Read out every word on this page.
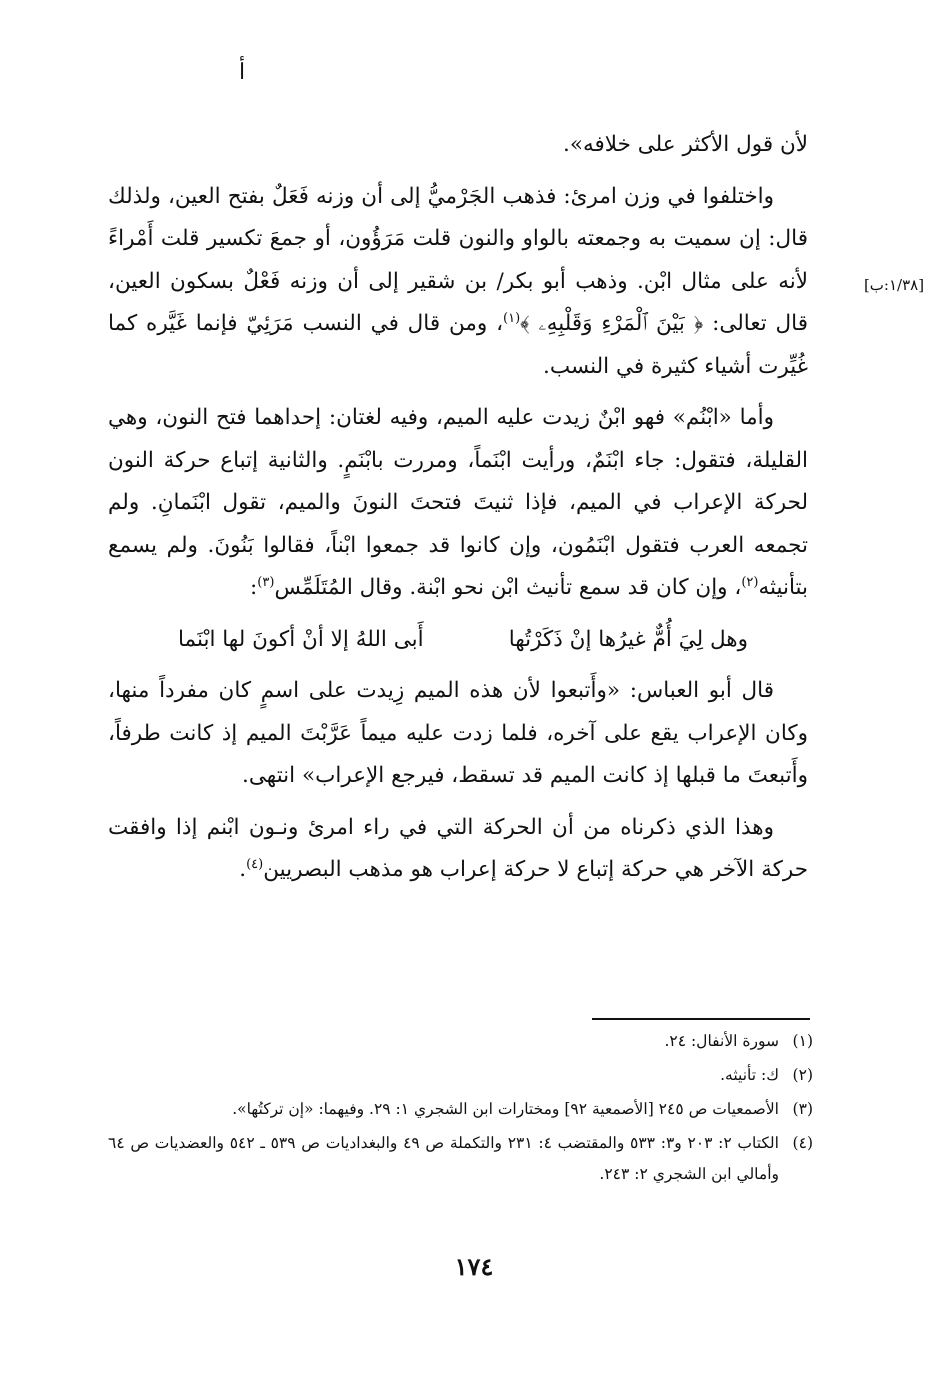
ﺃ
[١/٣٨:ب]

لأن قول الأكثر على خلافه».

واختلفوا في وزن امرئ: فذهب الجَرْميُّ إلى أن وزنه فَعَلٌ بفتح العين، ولذلك قال: إن سميت به وجمعته بالواو والنون قلت مَرَؤُون، أو جمعَ تكسير قلت أَمْراءً لأنه على مثال ابْن. وذهب أبو بكر/ بن شقير إلى أن وزنه فَعْلٌ بسكون العين، قال تعالى: ﴿ بَيْنَ ٱلْمَرْءِ وَقَلْبِهِۦ ﴾$^{(١)}$، ومن قال في النسب مَرَئِيّ فإنما غَيَّره كما غُيِّرت أشياء كثيرة في النسب.

وأما «ابْنُم» فهو ابْنٌ زيدت عليه الميم، وفيه لغتان: إحداهما فتح النون، وهي القليلة، فتقول: جاء ابْنَمٌ، ورأيت ابْنَماً، ومررت بابْنَمٍ. والثانية إتباع حركة النون لحركة الإعراب في الميم، فإذا ثنيتَ فتحتَ النونَ والميم، تقول ابْنَمانِ. ولم تجمعه العرب فتقول ابْنَمُون، وإن كانوا قد جمعوا ابْناً، فقالوا بَنُونَ. ولم يسمع بتأنيثه$^{(٢)}$، وإن كان قد سمع تأنيث ابْن نحو ابْنة. وقال المُتَلَمِّس$^{(٣)}$:

وهل لِيَ أُمٌّ غيرُها إنْ ذَكَرْتُها
أَبى اللهُ إلا أنْ أكونَ لها ابْنَما

قال أبو العباس: «وأَتبعوا لأن هذه الميم زِيدت على اسمٍ كان مفرداً منها، وكان الإعراب يقع على آخره، فلما زدت عليه ميماً عَرَّبْتَ الميم إذ كانت طرفاً، وأَتبعتَ ما قبلها إذ كانت الميم قد تسقط، فيرجع الإعراب» انتهى.

وهذا الذي ذكرناه من أن الحركة التي في راء امرئ ونـون ابْنم إذا وافقت حركة الآخر هي حركة إتباع لا حركة إعراب هو مذهب البصريين$^{(٤)}$.

(١)
سورة الأنفال: ٢٤.
(٢)
ك: تأنيثه.
(٣)
الأصمعيات ص ٢٤٥ [الأصمعية ٩٢] ومختارات ابن الشجري ١: ٢٩. وفيهما: «إن تركتُها».
(٤)
الكتاب ٢: ٢٠٣ و٣: ٥٣٣ والمقتضب ٤: ٢٣١ والتكملة ص ٤٩ والبغداديات ص ٥٣٩ ـ ٥٤٢ والعضديات ص ٦٤ وأمالي ابن الشجري ٢: ٢٤٣.
١٧٤
